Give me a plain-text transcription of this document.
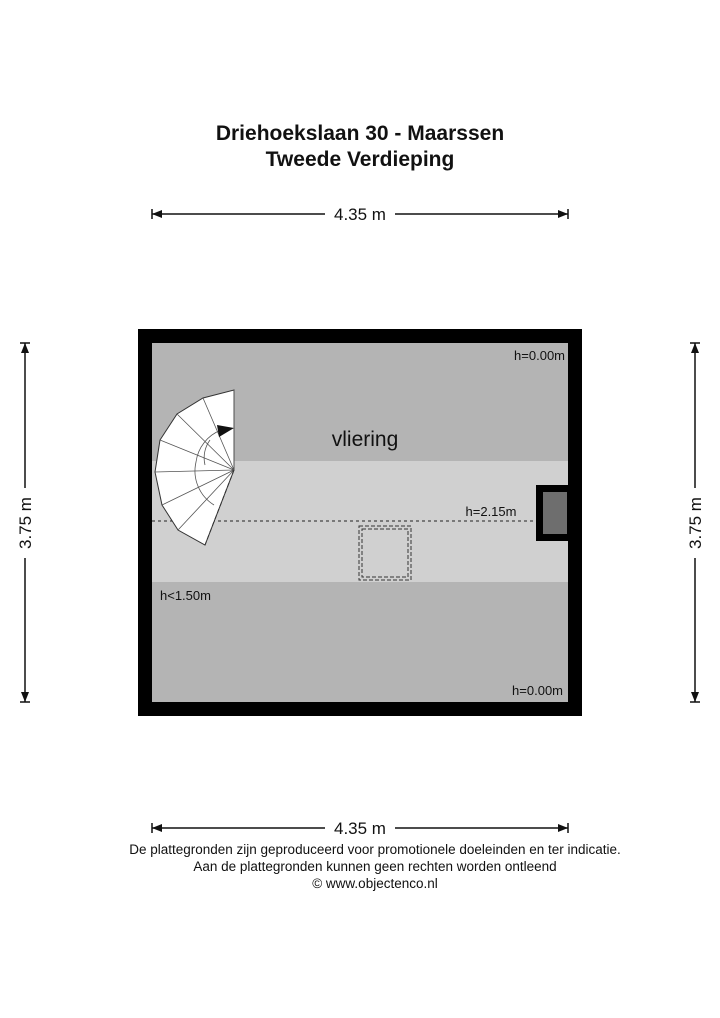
Driehoekslaan 30 - Maarssen
Tweede Verdieping
4.35 m
4.35 m
3.75 m	3.75 m
vliering
h=0.00m
h=2.15m
h<1.50m
h=0.00m
De plattegronden zijn geproduceerd voor promotionele doeleinden en ter indicatie.
Aan de plattegronden kunnen geen rechten worden ontleend
© www.objectenco.nl
